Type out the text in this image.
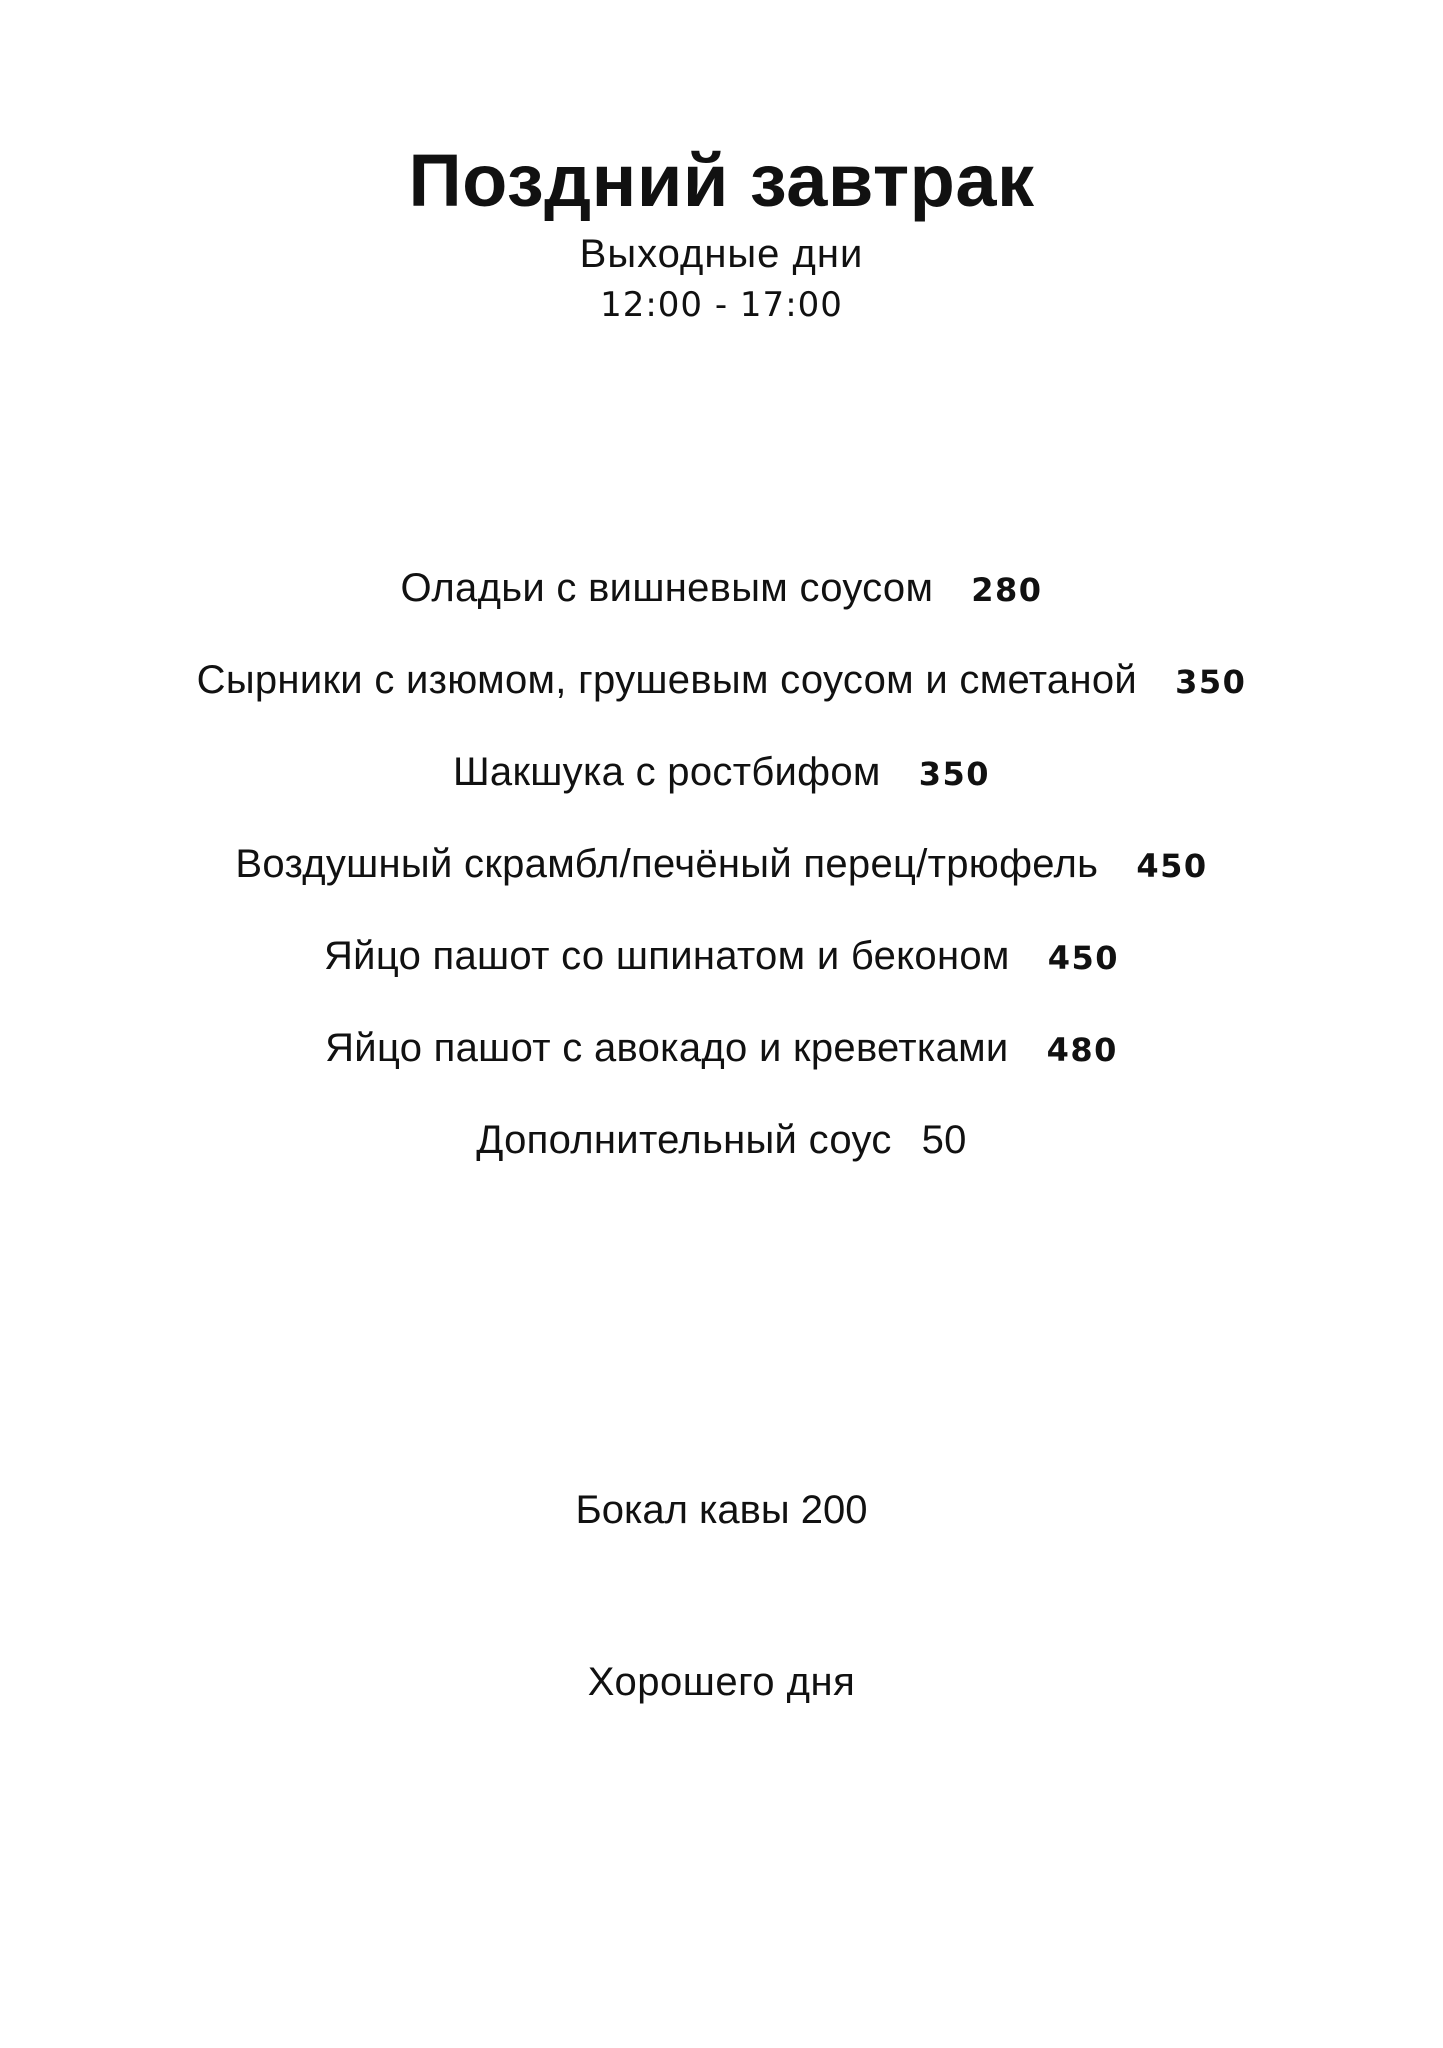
Поздний завтрак
Выходные дни
12:00 - 17:00
Оладьи с вишневым соусом 280
Сырники с изюмом, грушевым соусом и сметаной 350
Шакшука с ростбифом 350
Воздушный скрамбл/печёный перец/трюфель 450
Яйцо пашот со шпинатом и беконом 450
Яйцо пашот с авокадо и креветками 480
Дополнительный соус 50
Бокал кавы 200
Хорошего дня
